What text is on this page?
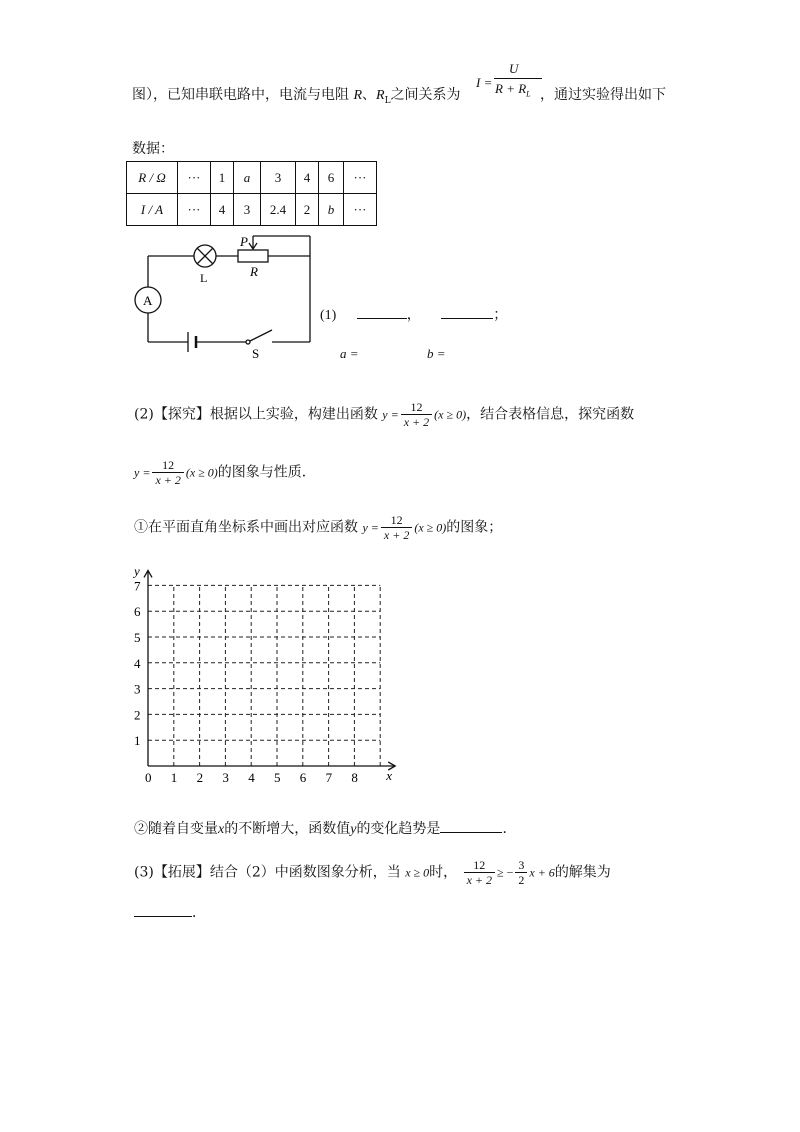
图），已知串联电路中，电流与电阻 R、$R_L$之间关系为
I =
U
$R + R_L$ ，通过实验得出如下
数据：
R / Ω	···	1	a	3	4	6	···
I / A	···	4	3	2.4	2	b	···
A
L
P
R
S
(1)	，	；
a =	b =
(2)【探究】根据以上实验，构建出函数 $y = \frac{12}{x + 2} (x \ge 0)$，结合表格信息，探究函数
$y = \frac{12}{x + 2} (x \ge 0)$的图象与性质．
①在平面直角坐标系中画出对应函数 $y = \frac{12}{x + 2} (x \ge 0)$的图象；
0 1 2 3 4 5 6 7 8
1
2
3
4
5
6
7
x
y
②随着自变量x的不断增大，函数值y的变化趋势是	．
(3)【拓展】结合（2）中函数图象分析，当 x ≥ 0时， $\frac{12}{x + 2}$ ≥ − $\frac{3}{2}$ x + 6的解集为
．
